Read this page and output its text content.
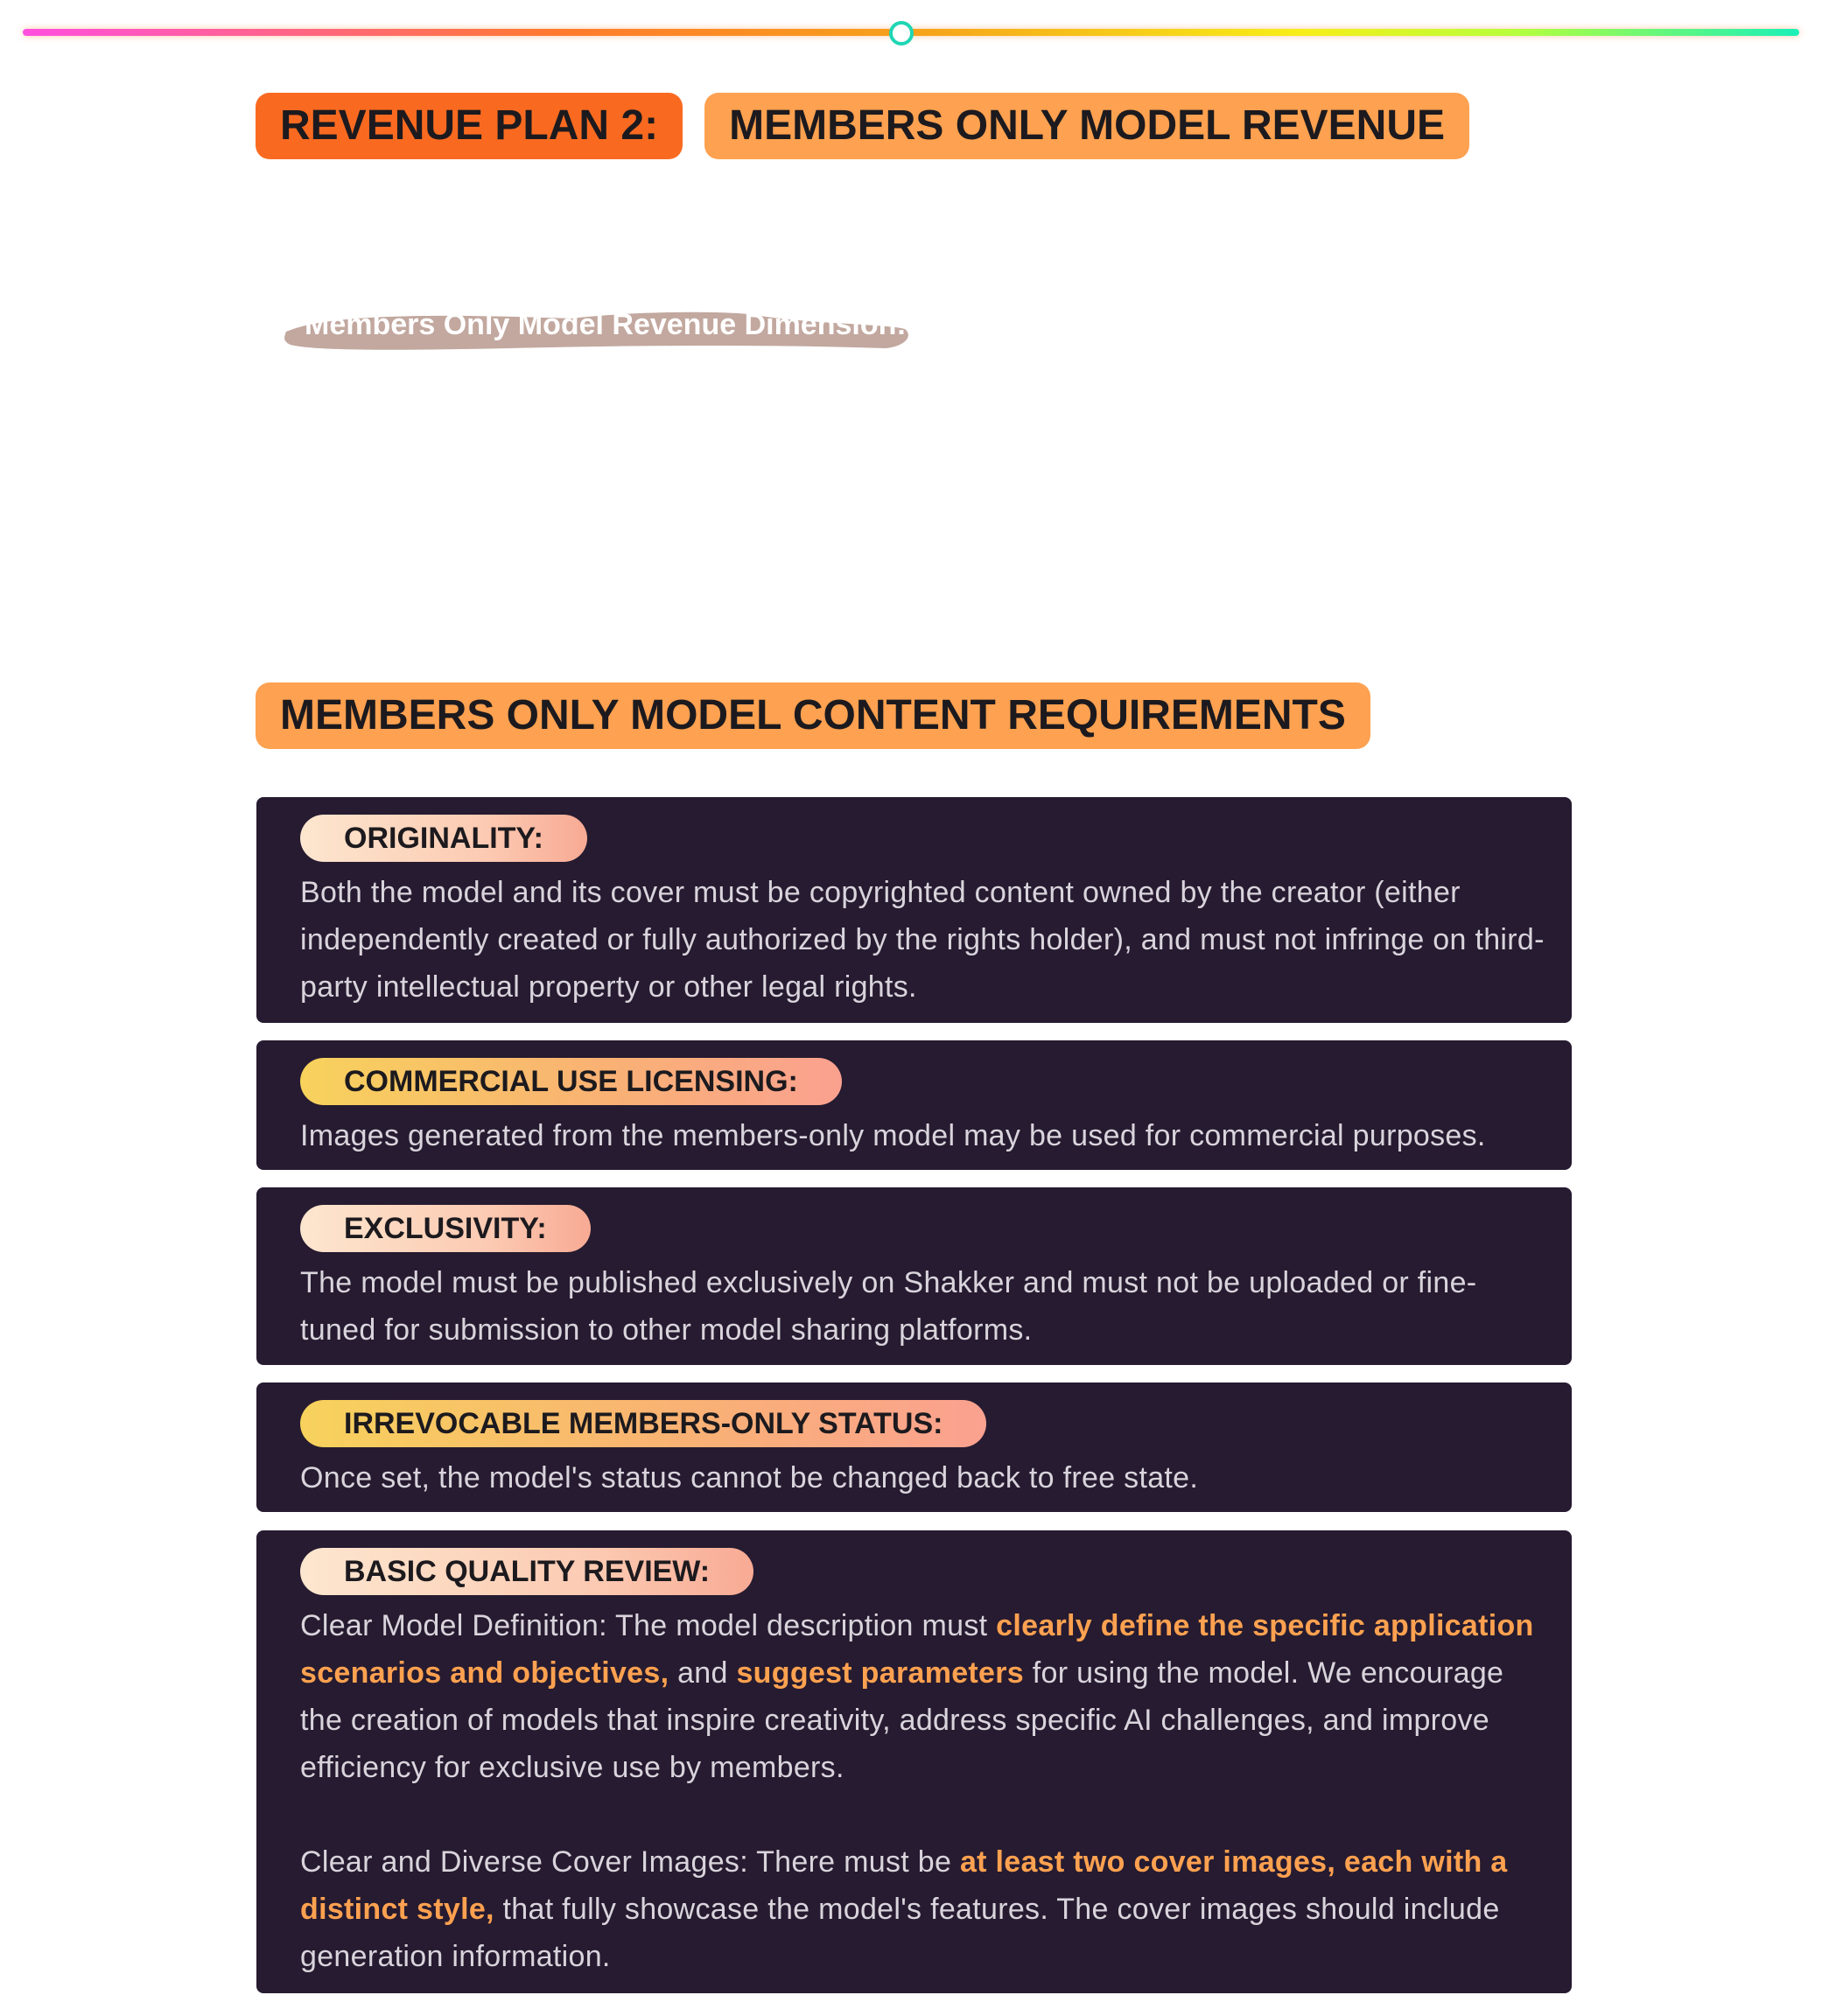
REVENUE PLAN 2:	MEMBERS ONLY MODEL REVENUE
Members Only Model Revenue Dimension:
MEMBERS ONLY MODEL CONTENT REQUIREMENTS
ORIGINALITY:
Both the model and its cover must be copyrighted content owned by the creator (either independently created or fully authorized by the rights holder), and must not infringe on third-party intellectual property or other legal rights.
COMMERCIAL USE LICENSING:
Images generated from the members-only model may be used for commercial purposes.
EXCLUSIVITY:
The model must be published exclusively on Shakker and must not be uploaded or fine-tuned for submission to other model sharing platforms.
IRREVOCABLE MEMBERS-ONLY STATUS:
Once set, the model's status cannot be changed back to free state.
BASIC QUALITY REVIEW:
Clear Model Definition: The model description must clearly define the specific application scenarios and objectives, and suggest parameters for using the model. We encourage the creation of models that inspire creativity, address specific AI challenges, and improve efficiency for exclusive use by members.
Clear and Diverse Cover Images: There must be at least two cover images, each with a distinct style, that fully showcase the model's features. The cover images should include generation information.
